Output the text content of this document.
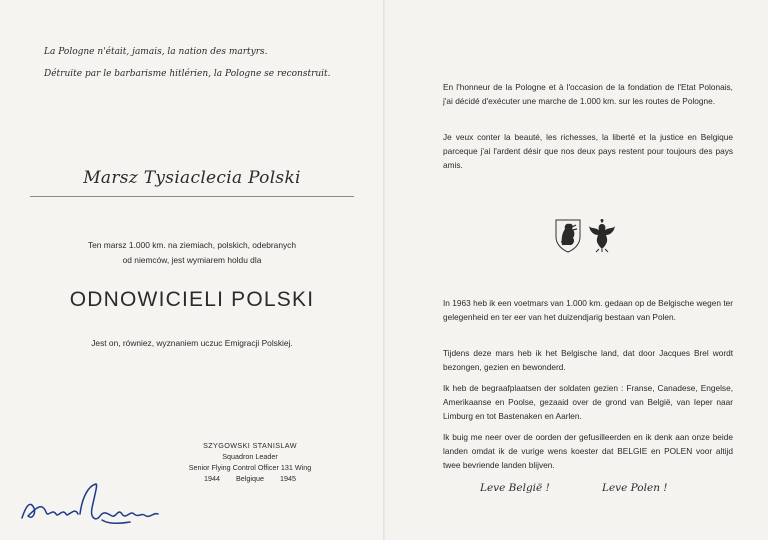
La Pologne n'était, jamais, la nation des martyrs.
Détruite par le barbarisme hitlérien, la Pologne se reconstruit.
Marsz Tysiaclecia Polski
Ten marsz 1.000 km. na ziemiach, polskich, odebranych
od niemców, jest wymiarem holdu dla
ODNOWICIELI POLSKI
Jest on, równiez, wyznaniem uczuc Emigracji Polskiej.
SZYGOWSKI STANISLAW
Squadron Leader
Senior Flying Control Officer 131 Wing
1944 Belgique 1945
En l'honneur de la Pologne et à l'occasion de la fondation de l'Etat Polonais, j'ai décidé d'exécuter une marche de 1.000 km. sur les routes de Pologne.
Je veux conter la beauté, les richesses, la liberté et la justice en Belgique parceque j'ai l'ardent désir que nos deux pays restent pour toujours des pays amis.
In 1963 heb ik een voetmars van 1.000 km. gedaan op de Belgische wegen ter gelegenheid en ter eer van het duizendjarig bestaan van Polen.
Tijdens deze mars heb ik het Belgische land, dat door Jacques Brel wordt bezongen, gezien en bewonderd.
Ik heb de begraafplaatsen der soldaten gezien : Franse, Canadese, Engelse, Amerikaanse en Poolse, gezaaid over de grond van België, van Ieper naar Limburg en tot Bastenaken en Aarlen.
Ik buig me neer over de oorden der gefusilleerden en ik denk aan onze beide landen omdat ik de vurige wens koester dat BELGIE en POLEN voor altijd twee bevriende landen blijven.
Leve België !	Leve Polen !
